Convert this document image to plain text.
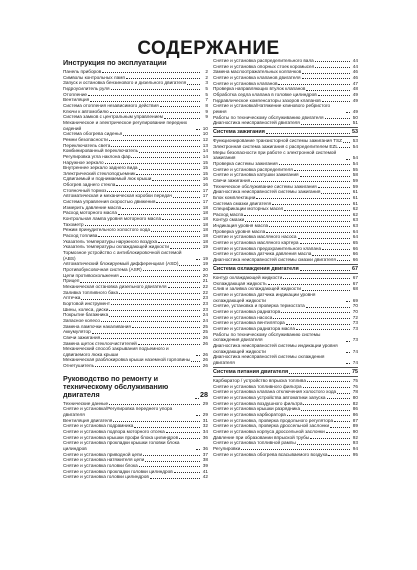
СОДЕРЖАНИЕ
Инструкция по эксплуатации
Панель приборов	2
Символы контрольных ламп	2
Запуск и остановка бензинового и дизельного двигателя	3
Гидроусилитель руля	5
Отопление	5
Вентиляция	7
Система отопления независимого действия	8
Ключи к автомобилю	9
Система замков с центральным управлением	9
Механическое и электрическое регулирование передних сидений	10
Система обогрева сиденья	10
Ремни безопасности	12
Переключатель света	13
Комбинированный переключатель	14
Регулировка угла наклона фар	14
Наружное зеркало	15
Внутреннее зеркало заднего вида	15
Электрический стеклоподъемник	15
Сдвигаемый и поднимаемый люк крыши	16
Обогрев заднего стекла	16
Стояночный тормоз	17
Автоматическая и механическая коробки передач	17
Система управления скоростью движения	17
Измерить давление масла	18
Расход моторного масла	18
Контрольная лампа уровня моторного масла	18
Тахометр	18
Режим принудительного холостого хода	18
Расход топлива	18
Указатель температуры наружного воздуха	18
Указатель температуры охлаждающей жидкости	19
Тормозное устройство с антиблокировочной системой (ABS)	19
Автоматический блокируемый дифференциал (ASD)	19
Противобуксовочная система (ASR)	20
Цепи противоскольжения	20
Прицеп	21
Механическая остановка дизельного двигателя	22
Заливка топливного бака	22
Аптечка	23
Бортовой инструмент	23
Шины, колеса, диски	23
Покрытие багажника	24
Запасное колесо	24
Замена лампочки накаливания	25
Аккумулятор	25
Свечи зажигания	26
Замена щеток стеклоочистителей	26
Механический способ закрывания подъемного и сдвигаемого люка крыши	26
Механическая разблокировка крыши наземной горловины	26
Огнетушитель	26
Руководство по ремонту и техническому обслуживанию двигателя	28
Технические данные	29
Снятие и установка/Регулировка переднего упора двигателя	29
Вентиляция двигателя	31
Снятие и установка подрамника	32
Снятие и установка подпора моторного отсека	34
Снятие и установка крышки профи блока цилиндров	36
Снятие и установка прокладки крышки головки блока цилиндров	36
Снятие и установка приводной цепи	37
Снятие и установка натяжителя цепи	38
Снятие и установка головки блока	39
Снятие и установка прокладки головки цилиндров	41
Снятие и установка головки цилиндров	42
Снятие и установка распределительного вала	44
Снятие и установка опорных стоек коромысел	44
Замена маслоотражательных колпачков	46
Снятие и установка клапанов двигателя	46
Снятие и установка клапанов	47
Проверка направляющих втулок клапанов	48
Обработка седла клапана в головке цилиндров	49
Гидравлическое компенсаторы зазоров клапанов	49
Снятие и установка/Натяжение клинового ребристого ремня	49
Работы по техническому обслуживанию двигателя	50
Диагностика неисправностей двигателя	51
Система зажигания	53
Функционирование транзисторной системы зажигания TSZ	53
Электронная система зажигания с распределителем EZL	54
Меры безопасности при работе с электронной системой зажигания	54
Проверка системы зажигания	54
Снятие и установка распределителя	55
Снятие и установка катушки зажигания	58
Свечи зажигания	59
Техническое обслуживание системы зажигания	59
Диагностика неисправностей системы зажигания	61
Блок комплектации	61
Система смазки двигателя	61
Спецификации моторных масел	62
Расход масла	62
Контур смазки	63
Индикация уровня масла	63
Проверка уровня масла	64
Снятие и установка масляного насоса	64
Снятие и установка масляного картера	65
Снятие и установка предохранительного клапана	66
Снятие и установка датчика давления масла	66
Диагностика неисправностей системы смазки двигателя	66
Система охлаждения двигателя	67
Контур охлаждающей жидкости	67
Охлаждающая жидкость	67
Слив и заливка охлаждающей жидкости	68
Снятие и установка датчика индикации уровня охлаждающей жидкости	69
Снятие, установка и проверка термостата	70
Снятие и установка радиатора	70
Снятие и установка насоса	72
Снятие и установка вентилятора	73
Снятие и установка радиатора масла	73
Работы по техническому обслуживанию системы охлаждения двигателя	73
Диагностика неисправностей системы индикации уровня охлаждающей жидкости	74
Диагностика неисправностей системы охлаждения двигателя	74
Система питания двигателя	75
Карбюратор / устройство впрыска топлива	75
Снятие и установка топливного фильтра	76
Снятие и установка клапана отключения холостого хода	78
Снятие и установка устройства автоматики запуска	80
Снятие и установка воздушного фильтра	82
Снятие и установка крышки разрядника	86
Снятие и установка карбюратора	86
Снятие и установка, проверка продольного регулятора	87
Снятие и установка, проверка дроссельной заслонки	89
Снятие и установка корпуса дроссельной заслонки	90
Давление при образовании впрыской трубы	92
Снятие и установка топливной рампы	93
Регулировки	94
Снятие и установка обогрева всасываемого воздуха	95
